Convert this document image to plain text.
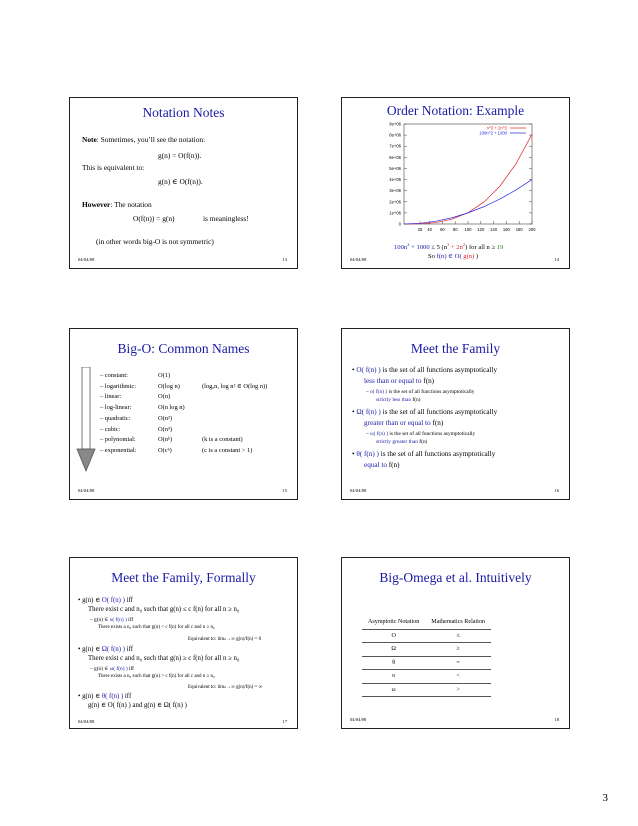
Notation Notes
Note: Sometimes, you’ll see the notation:
g(n) = O(f(n)).
This is equivalent to:
g(n) ∈ O(f(n)).
However: The notation
O(f(n)) = g(n)	is meaningless!
(in other words big-O is not symmetric)
04/04/08	13
Order Notation: Example
0
1e+06
2e+06
3e+06
4e+06
5e+06
6e+06
7e+06
8e+06
9e+06
25 40 60 80 100 120 140 160 180 200
n^3 + 2n^2
100n^2 + 1000
$100n^2 + 1000 \le 5$ $(n^3 + 2n^2)$ for all n ≥ 19
So f(n) ∈ O( g(n) )
04/04/08	14
Big-O: Common Names
– constant:	O(1)
– logarithmic:	O(log n)	(logₓn, log n² ∈ O(log n))
– linear:	O(n)
– log-linear:	O(n log n)
– quadratic:	O(n²)
– cubic:	O(n³)
– polynomial:	O(nᵏ)	(k is a constant)
– exponential:	O(cⁿ)	(c is a constant > 1)
04/04/08	15
Meet the Family
• O( f(n) ) is the set of all functions asymptotically
less than or equal to f(n)
– o( f(n) ) is the set of all functions asymptotically
strictly less than f(n)
• Ω( f(n) ) is the set of all functions asymptotically
greater than or equal to f(n)
– ω( f(n) ) is the set of all functions asymptotically
strictly greater than f(n)
• θ( f(n) ) is the set of all functions asymptotically
equal to f(n)
04/04/08	16
Meet the Family, Formally
• g(n) ∈ O( f(n) ) iff
There exist c and n₀ such that g(n) ≤ c f(n) for all n ≥ n₀
– g(n) ∈ o( f(n) ) iff
There exists a n₀ such that g(n) < c f(n) for all c and n ≥ n₀
Equivalent to: limₙ→∞ g(n)/f(n) = 0
• g(n) ∈ Ω( f(n) ) iff
There exist c and n₀ such that g(n) ≥ c f(n) for all n ≥ n₀
– g(n) ∈ ω( f(n) ) iff
There exists a n₀ such that g(n) > c f(n) for all c and n ≥ n₀
Equivalent to: limₙ→∞ g(n)/f(n) = ∞
• g(n) ∈ θ( f(n) ) iff
g(n) ∈ O( f(n) ) and g(n) ∈ Ω( f(n) )
04/04/08	17
Big-Omega et al. Intuitively
Asymptotic Notation	Mathematics Relation
O	≤
Ω	≥
θ	=
o	<
ω	>
04/04/08	18
3
